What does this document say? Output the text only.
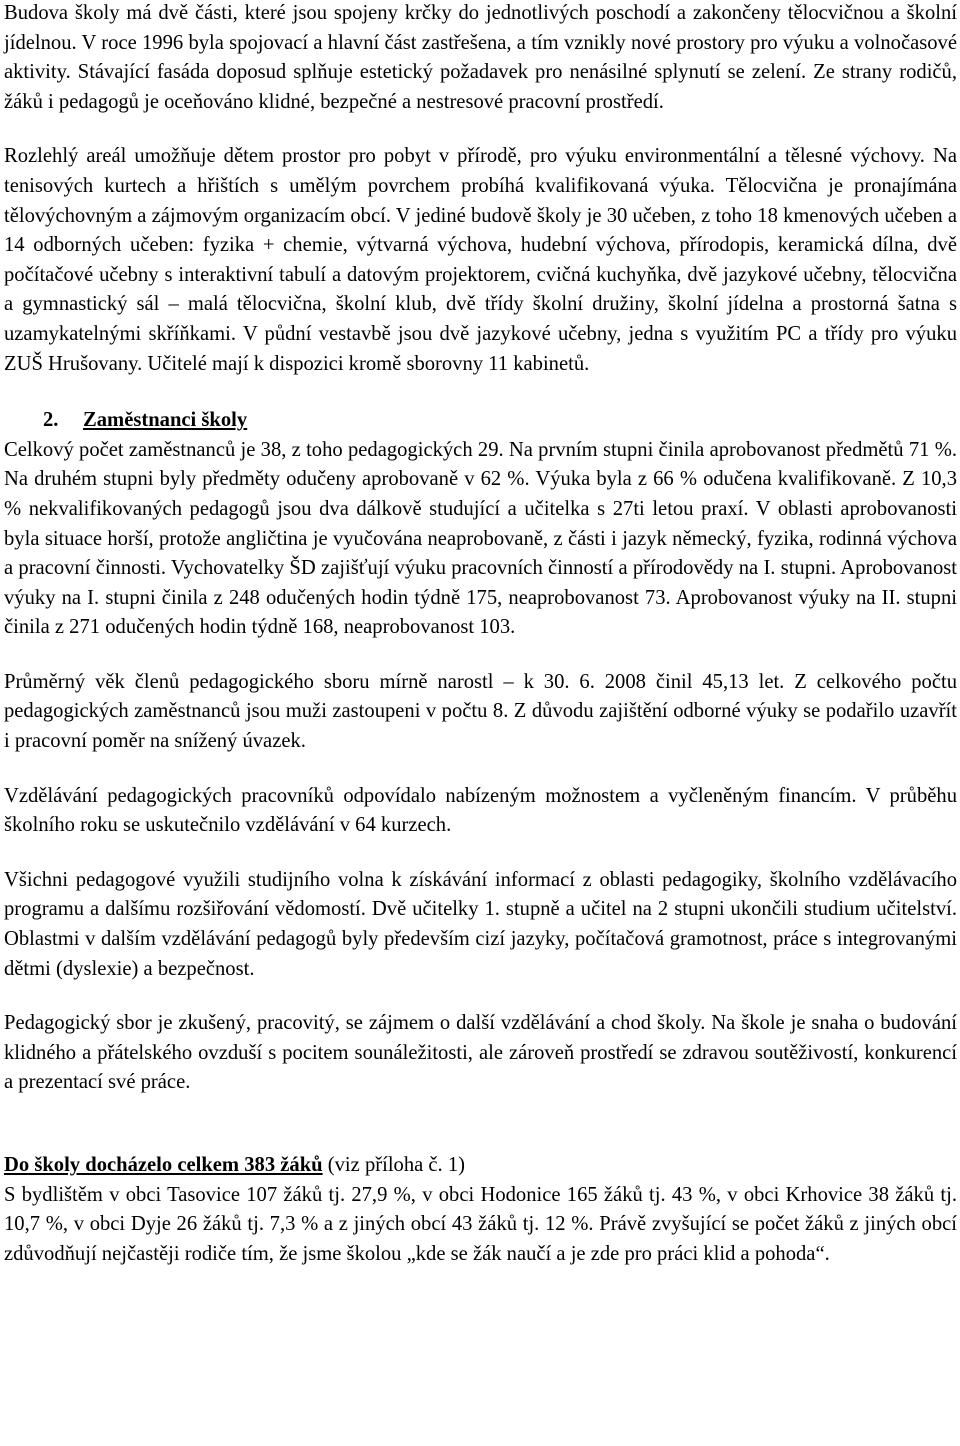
Budova školy má dvě části, které jsou spojeny krčky do jednotlivých poschodí a zakončeny tělocvičnou a školní jídelnou. V roce 1996 byla spojovací a hlavní část zastřešena, a tím vznikly nové prostory pro výuku a volnočasové aktivity. Stávající fasáda doposud splňuje estetický požadavek pro nenásilné splynutí se zelení. Ze strany rodičů, žáků i pedagogů je oceňováno klidné, bezpečné a nestresové pracovní prostředí.

Rozlehlý areál umožňuje dětem prostor pro pobyt v přírodě, pro výuku environmentální a tělesné výchovy. Na tenisových kurtech a hřištích s umělým povrchem probíhá kvalifikovaná výuka. Tělocvična je pronajímána tělovýchovným a zájmovým organizacím obcí. V jediné budově školy je 30 učeben, z toho 18 kmenových učeben a 14 odborných učeben: fyzika + chemie, výtvarná výchova, hudební výchova, přírodopis, keramická dílna, dvě počítačové učebny s interaktivní tabulí a datovým projektorem, cvičná kuchyňka, dvě jazykové učebny, tělocvična a gymnastický sál – malá tělocvična, školní klub, dvě třídy školní družiny, školní jídelna a prostorná šatna s uzamykatelnými skříňkami. V půdní vestavbě jsou dvě jazykové učebny, jedna s využitím PC a třídy pro výuku ZUŠ Hrušovany. Učitelé mají k dispozici kromě sborovny 11 kabinetů.

2. Zaměstnanci školy

Celkový počet zaměstnanců je 38, z toho pedagogických 29. Na prvním stupni činila aprobovanost předmětů 71 %. Na druhém stupni byly předměty odučeny aprobovaně v 62 %. Výuka byla z 66 % odučena kvalifikovaně. Z 10,3 % nekvalifikovaných pedagogů jsou dva dálkově studující a učitelka s 27ti letou praxí. V oblasti aprobovanosti byla situace horší, protože angličtina je vyučována neaprobovaně, z části i jazyk německý, fyzika, rodinná výchova a pracovní činnosti. Vychovatelky ŠD zajišťují výuku pracovních činností a přírodovědy na I. stupni. Aprobovanost výuky na I. stupni činila z 248 odučených hodin týdně 175, neaprobovanost 73. Aprobovanost výuky na II. stupni činila z 271 odučených hodin týdně 168, neaprobovanost 103.

Průměrný věk členů pedagogického sboru mírně narostl – k 30. 6. 2008 činil 45,13 let. Z celkového počtu pedagogických zaměstnanců jsou muži zastoupeni v počtu 8. Z důvodu zajištění odborné výuky se podařilo uzavřít i pracovní poměr na snížený úvazek.

Vzdělávání pedagogických pracovníků odpovídalo nabízeným možnostem a vyčleněným financím. V průběhu školního roku se uskutečnilo vzdělávání v 64 kurzech.

Všichni pedagogové využili studijního volna k získávání informací z oblasti pedagogiky, školního vzdělávacího programu a dalšímu rozšiřování vědomostí. Dvě učitelky 1. stupně a učitel na 2 stupni ukončili studium učitelství. Oblastmi v dalším vzdělávání pedagogů byly především cizí jazyky, počítačová gramotnost, práce s integrovanými dětmi (dyslexie) a bezpečnost.

Pedagogický sbor je zkušený, pracovitý, se zájmem o další vzdělávání a chod školy. Na škole je snaha o budování klidného a přátelského ovzduší s pocitem sounáležitosti, ale zároveň prostředí se zdravou soutěživostí, konkurencí a prezentací své práce.

Do školy docházelo celkem 383 žáků (viz příloha č. 1)

S bydlištěm v obci Tasovice 107 žáků tj. 27,9 %, v obci Hodonice 165 žáků tj. 43 %, v obci Krhovice 38 žáků tj. 10,7 %, v obci Dyje 26 žáků tj. 7,3 % a z jiných obcí 43 žáků tj. 12 %. Právě zvyšující se počet žáků z jiných obcí zdůvodňují nejčastěji rodiče tím, že jsme školou „kde se žák naučí a je zde pro práci klid a pohoda“.
